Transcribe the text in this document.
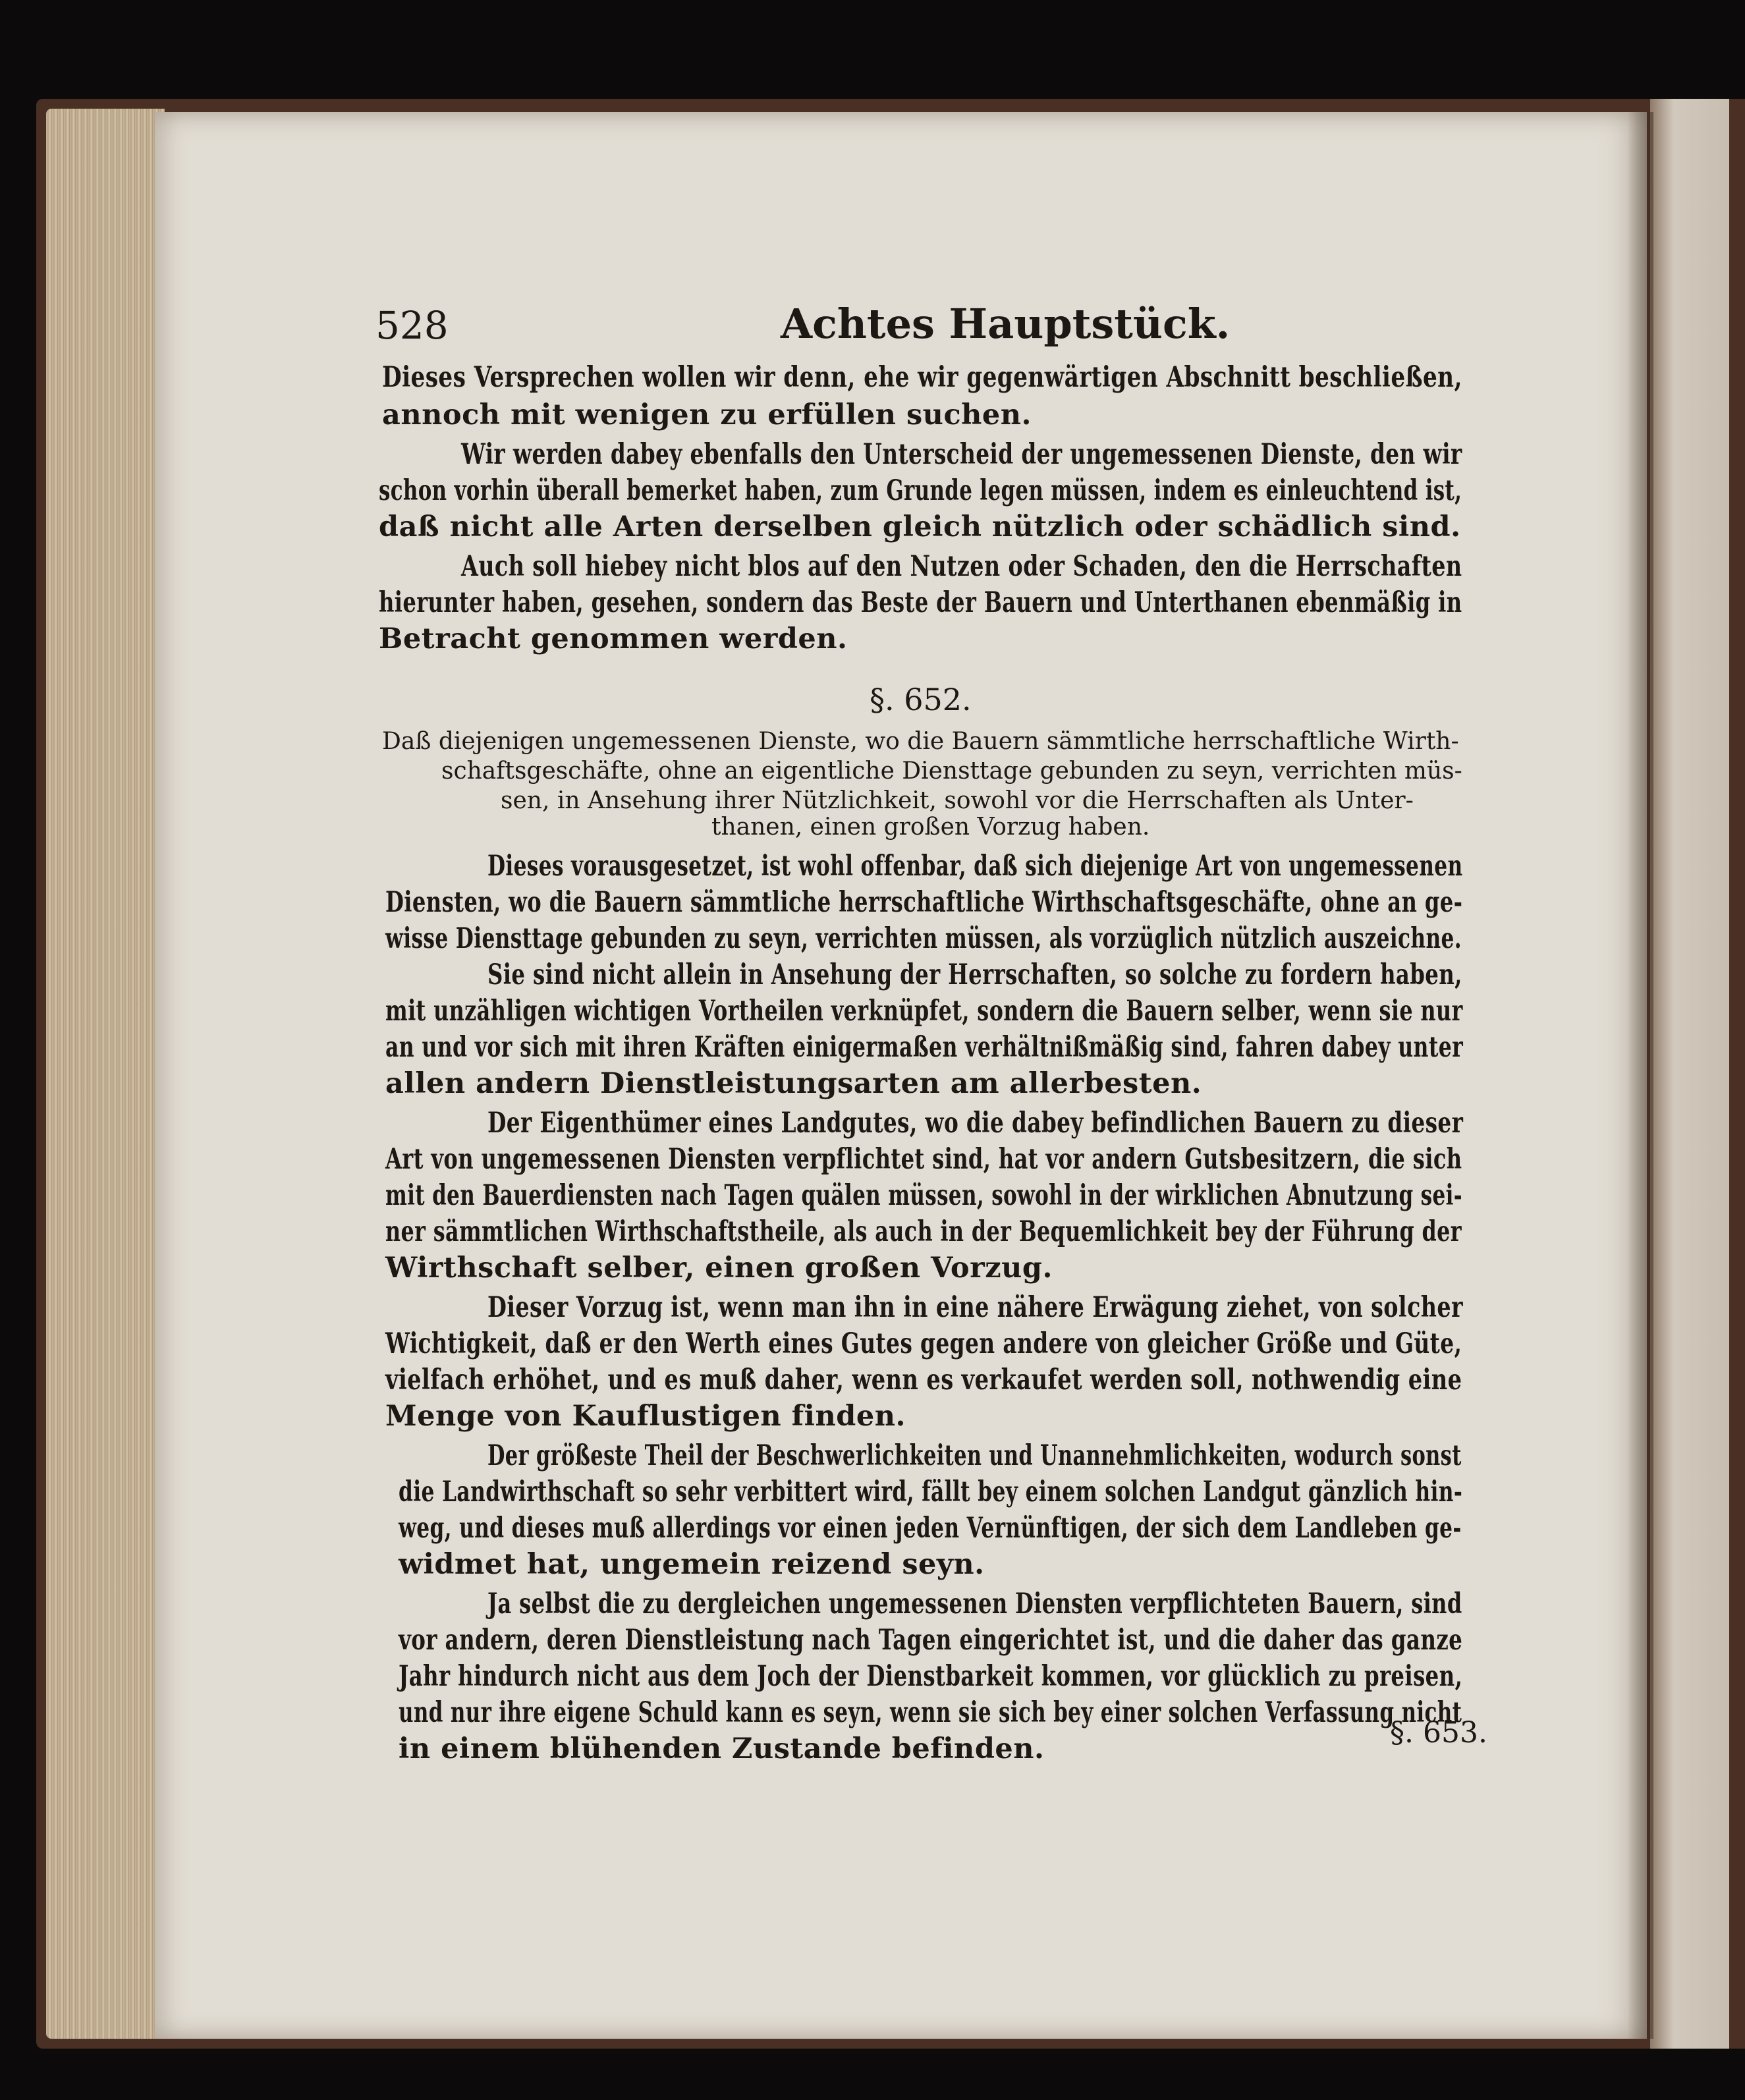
528	Achtes Hauptstück.
Dieses Versprechen wollen wir denn, ehe wir gegenwärtigen Abschnitt beschließen,
annoch mit wenigen zu erfüllen suchen.
Wir werden dabey ebenfalls den Unterscheid der ungemessenen Dienste, den wir
schon vorhin überall bemerket haben, zum Grunde legen müssen, indem es einleuchtend ist,
daß nicht alle Arten derselben gleich nützlich oder schädlich sind.
Auch soll hiebey nicht blos auf den Nutzen oder Schaden, den die Herrschaften
hierunter haben, gesehen, sondern das Beste der Bauern und Unterthanen ebenmäßig in
Betracht genommen werden.
§. 652.
Daß diejenigen ungemessenen Dienste, wo die Bauern sämmtliche herrschaftliche Wirth-
schaftsgeschäfte, ohne an eigentliche Diensttage gebunden zu seyn, verrichten müs-
sen, in Ansehung ihrer Nützlichkeit, sowohl vor die Herrschaften als Unter-
thanen, einen großen Vorzug haben.
Dieses vorausgesetzet, ist wohl offenbar, daß sich diejenige Art von ungemessenen
Diensten, wo die Bauern sämmtliche herrschaftliche Wirthschaftsgeschäfte, ohne an ge-
wisse Diensttage gebunden zu seyn, verrichten müssen, als vorzüglich nützlich auszeichne.
Sie sind nicht allein in Ansehung der Herrschaften, so solche zu fordern haben,
mit unzähligen wichtigen Vortheilen verknüpfet, sondern die Bauern selber, wenn sie nur
an und vor sich mit ihren Kräften einigermaßen verhältnißmäßig sind, fahren dabey unter
allen andern Dienstleistungsarten am allerbesten.
Der Eigenthümer eines Landgutes, wo die dabey befindlichen Bauern zu dieser
Art von ungemessenen Diensten verpflichtet sind, hat vor andern Gutsbesitzern, die sich
mit den Bauerdiensten nach Tagen quälen müssen, sowohl in der wirklichen Abnutzung sei-
ner sämmtlichen Wirthschaftstheile, als auch in der Bequemlichkeit bey der Führung der
Wirthschaft selber, einen großen Vorzug.
Dieser Vorzug ist, wenn man ihn in eine nähere Erwägung ziehet, von solcher
Wichtigkeit, daß er den Werth eines Gutes gegen andere von gleicher Größe und Güte,
vielfach erhöhet, und es muß daher, wenn es verkaufet werden soll, nothwendig eine
Menge von Kauflustigen finden.
Der größeste Theil der Beschwerlichkeiten und Unannehmlichkeiten, wodurch sonst
die Landwirthschaft so sehr verbittert wird, fällt bey einem solchen Landgut gänzlich hin-
weg, und dieses muß allerdings vor einen jeden Vernünftigen, der sich dem Landleben ge-
widmet hat, ungemein reizend seyn.
Ja selbst die zu dergleichen ungemessenen Diensten verpflichteten Bauern, sind
vor andern, deren Dienstleistung nach Tagen eingerichtet ist, und die daher das ganze
Jahr hindurch nicht aus dem Joch der Dienstbarkeit kommen, vor glücklich zu preisen,
und nur ihre eigene Schuld kann es seyn, wenn sie sich bey einer solchen Verfassung nicht
in einem blühenden Zustande befinden.	§. 653.
